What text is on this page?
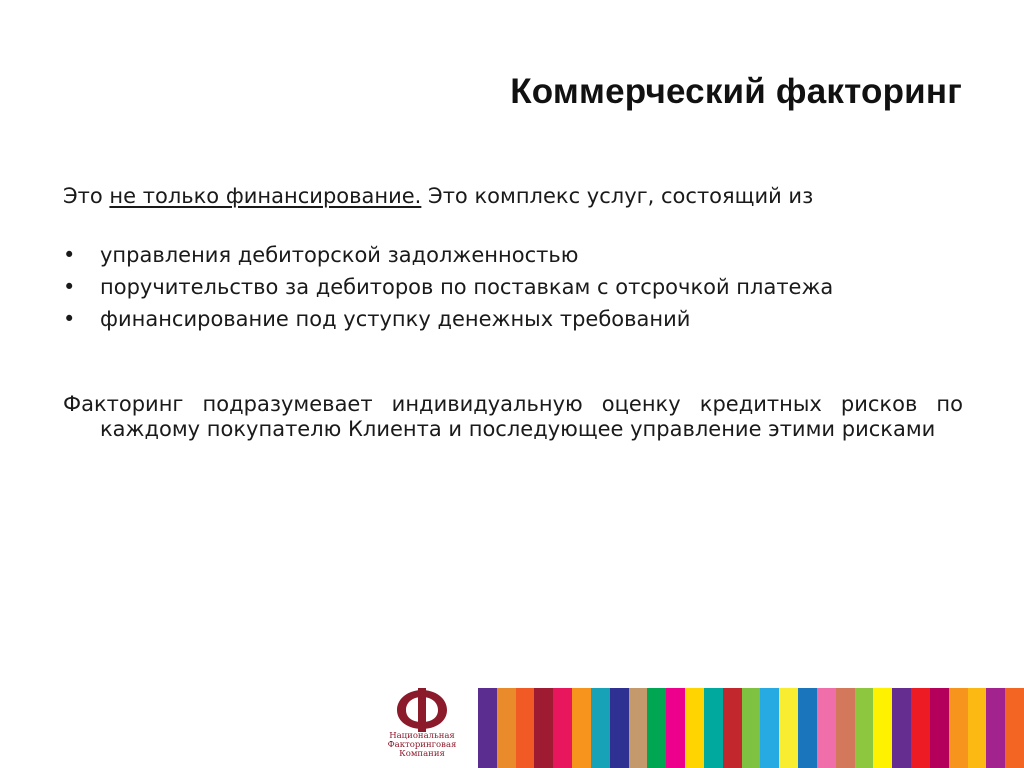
Коммерческий факторинг
Это не только финансирование. Это комплекс услуг, состоящий из
•	управления дебиторской задолженностью
•	поручительство за дебиторов по поставкам с отсрочкой платежа
•	финансирование под уступку денежных требований
Факторинг подразумевает индивидуальную оценку кредитных рисков по каждому покупателю Клиента и последующее управление этими рисками
Национальная
Факторинговая
Компания
